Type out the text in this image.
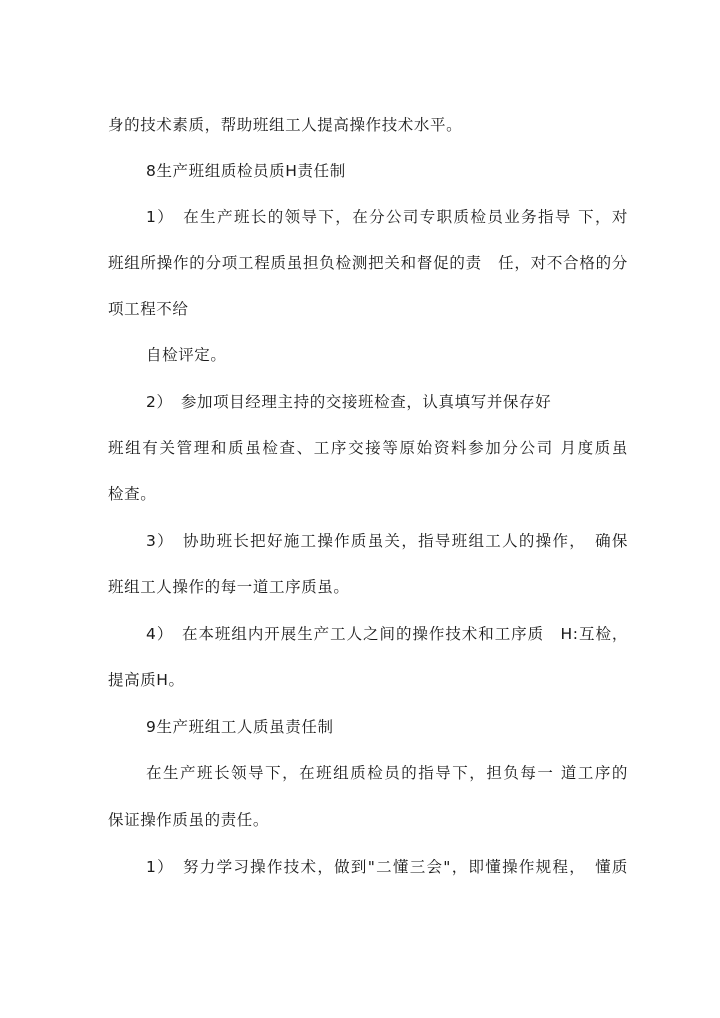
身的技术素质，帮助班组工人提高操作技术水平。
8生产班组质检员质H责任制
1）　在生产班长的领导下，在分公司专职质检员业务指导 下，对
班组所操作的分项工程质虽担负检测把关和督促的责　任，对不合格的分
项工程不给
自检评定。
2）　参加项目经理主持的交接班检查，认真填写并保存好
班组有关管理和质虽检查、工序交接等原始资料参加分公司 月度质虽
检查。
3）　协助班长把好施工操作质虽关，指导班组工人的操作，　确保
班组工人操作的每一道工序质虽。
4）　在本班组内开展生产工人之间的操作技术和工序质　H:互检，
提高质H。
9生产班组工人质虽责任制
在生产班长领导下，在班组质检员的指导下，担负每一 道工序的
保证操作质虽的责任。
1）　努力学习操作技术，做到"二懂三会"，即懂操作规程，　懂质
